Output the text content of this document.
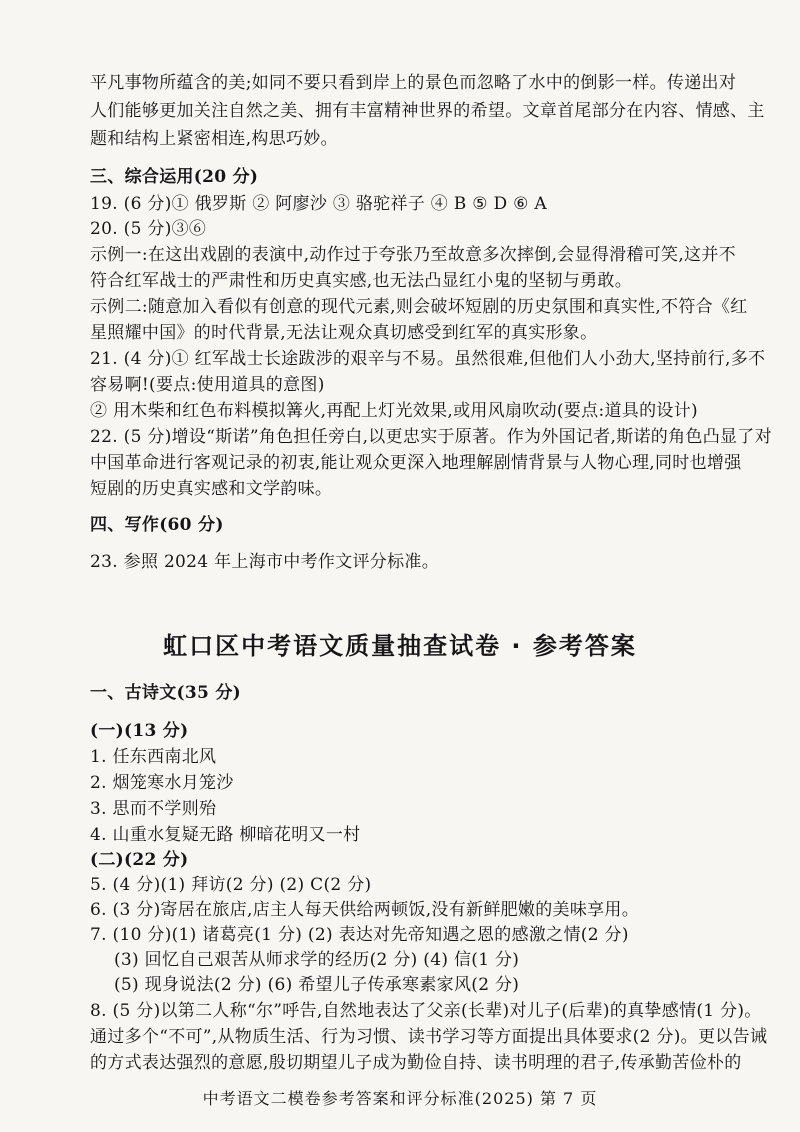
平凡事物所蕴含的美;如同不要只看到岸上的景色而忽略了水中的倒影一样。传递出对
人们能够更加关注自然之美、拥有丰富精神世界的希望。文章首尾部分在内容、情感、主
题和结构上紧密相连,构思巧妙。
三、综合运用(20 分)
19. (6 分)① 俄罗斯 ② 阿廖沙 ③ 骆驼祥子 ④ B ⑤ D ⑥ A
20. (5 分)③⑥
示例一:在这出戏剧的表演中,动作过于夸张乃至故意多次摔倒,会显得滑稽可笑,这并不
符合红军战士的严肃性和历史真实感,也无法凸显红小鬼的坚韧与勇敢。
示例二:随意加入看似有创意的现代元素,则会破坏短剧的历史氛围和真实性,不符合《红
星照耀中国》的时代背景,无法让观众真切感受到红军的真实形象。
21. (4 分)① 红军战士长途跋涉的艰辛与不易。虽然很难,但他们人小劲大,坚持前行,多不
容易啊!(要点:使用道具的意图)
② 用木柴和红色布料模拟篝火,再配上灯光效果,或用风扇吹动(要点:道具的设计)
22. (5 分)增设“斯诺”角色担任旁白,以更忠实于原著。作为外国记者,斯诺的角色凸显了对
中国革命进行客观记录的初衷,能让观众更深入地理解剧情背景与人物心理,同时也增强
短剧的历史真实感和文学韵味。
四、写作(60 分)
23. 参照 2024 年上海市中考作文评分标准。
虹口区中考语文质量抽查试卷 · 参考答案
一、古诗文(35 分)
(一)(13 分)
1. 任东西南北风
2. 烟笼寒水月笼沙
3. 思而不学则殆
4. 山重水复疑无路 柳暗花明又一村
(二)(22 分)
5. (4 分)(1) 拜访(2 分) (2) C(2 分)
6. (3 分)寄居在旅店,店主人每天供给两顿饭,没有新鲜肥嫩的美味享用。
7. (10 分)(1) 诸葛亮(1 分) (2) 表达对先帝知遇之恩的感激之情(2 分)
(3) 回忆自己艰苦从师求学的经历(2 分) (4) 信(1 分)
(5) 现身说法(2 分) (6) 希望儿子传承寒素家风(2 分)
8. (5 分)以第二人称“尔”呼告,自然地表达了父亲(长辈)对儿子(后辈)的真挚感情(1 分)。
通过多个“不可”,从物质生活、行为习惯、读书学习等方面提出具体要求(2 分)。更以告诫
的方式表达强烈的意愿,殷切期望儿子成为勤俭自持、读书明理的君子,传承勤苦俭朴的
中考语文二模卷参考答案和评分标准(2025) 第 7 页
